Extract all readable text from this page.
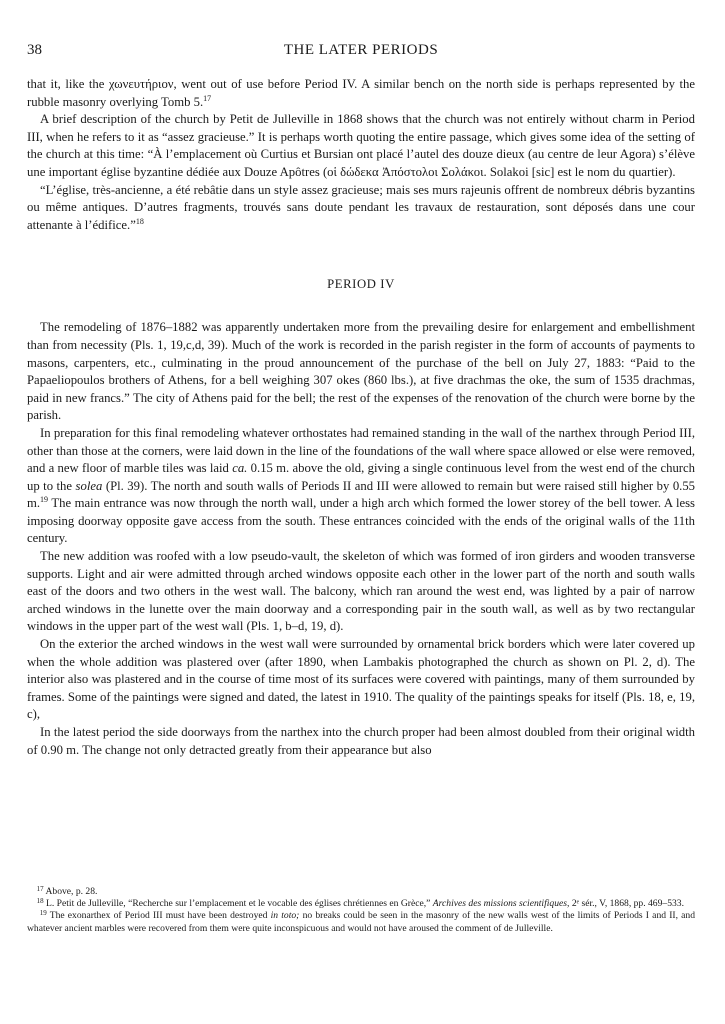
38	THE LATER PERIODS

that it, like the χωνευτήριον, went out of use before Period IV. A similar bench on the north side is perhaps represented by the rubble masonry overlying Tomb 5.17

A brief description of the church by Petit de Julleville in 1868 shows that the church was not entirely without charm in Period III, when he refers to it as “assez gracieuse.” It is perhaps worth quoting the entire passage, which gives some idea of the setting of the church at this time: “À l’emplacement où Curtius et Bursian ont placé l’autel des douze dieux (au centre de leur Agora) s’élève une important église byzantine dédiée aux Douze Apôtres (οἱ δώδεκα Ἀπόστολοι Σολάκοι. Solakoi [sic] est le nom du quartier).

“L’église, très-ancienne, a été rebâtie dans un style assez gracieuse; mais ses murs rajeunis offrent de nombreux débris byzantins ou même antiques. D’autres fragments, trouvés sans doute pendant les travaux de restauration, sont déposés dans une cour attenante à l’édifice.”$^{18}$

PERIOD IV

The remodeling of 1876–1882 was apparently undertaken more from the prevailing desire for enlargement and embellishment than from necessity (Pls. 1, 19,c,d, 39). Much of the work is recorded in the parish register in the form of accounts of payments to masons, carpenters, etc., culminating in the proud announcement of the purchase of the bell on July 27, 1883: “Paid to the Papaeliopoulos brothers of Athens, for a bell weighing 307 okes (860 lbs.), at five drachmas the oke, the sum of 1535 drachmas, paid in new francs.” The city of Athens paid for the bell; the rest of the expenses of the renovation of the church were borne by the parish.

In preparation for this final remodeling whatever orthostates had remained standing in the wall of the narthex through Period III, other than those at the corners, were laid down in the line of the foundations of the wall where space allowed or else were removed, and a new floor of marble tiles was laid ca. 0.15 m. above the old, giving a single continuous level from the west end of the church up to the solea (Pl. 39). The north and south walls of Periods II and III were allowed to remain but were raised still higher by 0.55 m.$^{19}$ The main entrance was now through the north wall, under a high arch which formed the lower storey of the bell tower. A less imposing doorway opposite gave access from the south. These entrances coincided with the ends of the original walls of the 11th century.

The new addition was roofed with a low pseudo-vault, the skeleton of which was formed of iron girders and wooden transverse supports. Light and air were admitted through arched windows opposite each other in the lower part of the north and south walls east of the doors and two others in the west wall. The balcony, which ran around the west end, was lighted by a pair of narrow arched windows in the lunette over the main doorway and a corresponding pair in the south wall, as well as by two rectangular windows in the upper part of the west wall (Pls. 1, b–d, 19, d).

On the exterior the arched windows in the west wall were surrounded by ornamental brick borders which were later covered up when the whole addition was plastered over (after 1890, when Lambakis photographed the church as shown on Pl. 2, d). The interior also was plastered and in the course of time most of its surfaces were covered with paintings, many of them surrounded by frames. Some of the paintings were signed and dated, the latest in 1910. The quality of the paintings speaks for itself (Pls. 18, e, 19, c),

In the latest period the side doorways from the narthex into the church proper had been almost doubled from their original width of 0.90 m. The change not only detracted greatly from their appearance but also

$^{17}$ Above, p. 28.

$^{18}$ L. Petit de Julleville, “Recherche sur l’emplacement et le vocable des églises chrétiennes en Grèce,” Archives des missions scientifiques, 2ᵉ sér., V, 1868, pp. 469–533.

$^{19}$ The exonarthex of Period III must have been destroyed in toto; no breaks could be seen in the masonry of the new walls west of the limits of Periods I and II, and whatever ancient marbles were recovered from them were quite inconspicuous and would not have aroused the comment of de Julleville.
